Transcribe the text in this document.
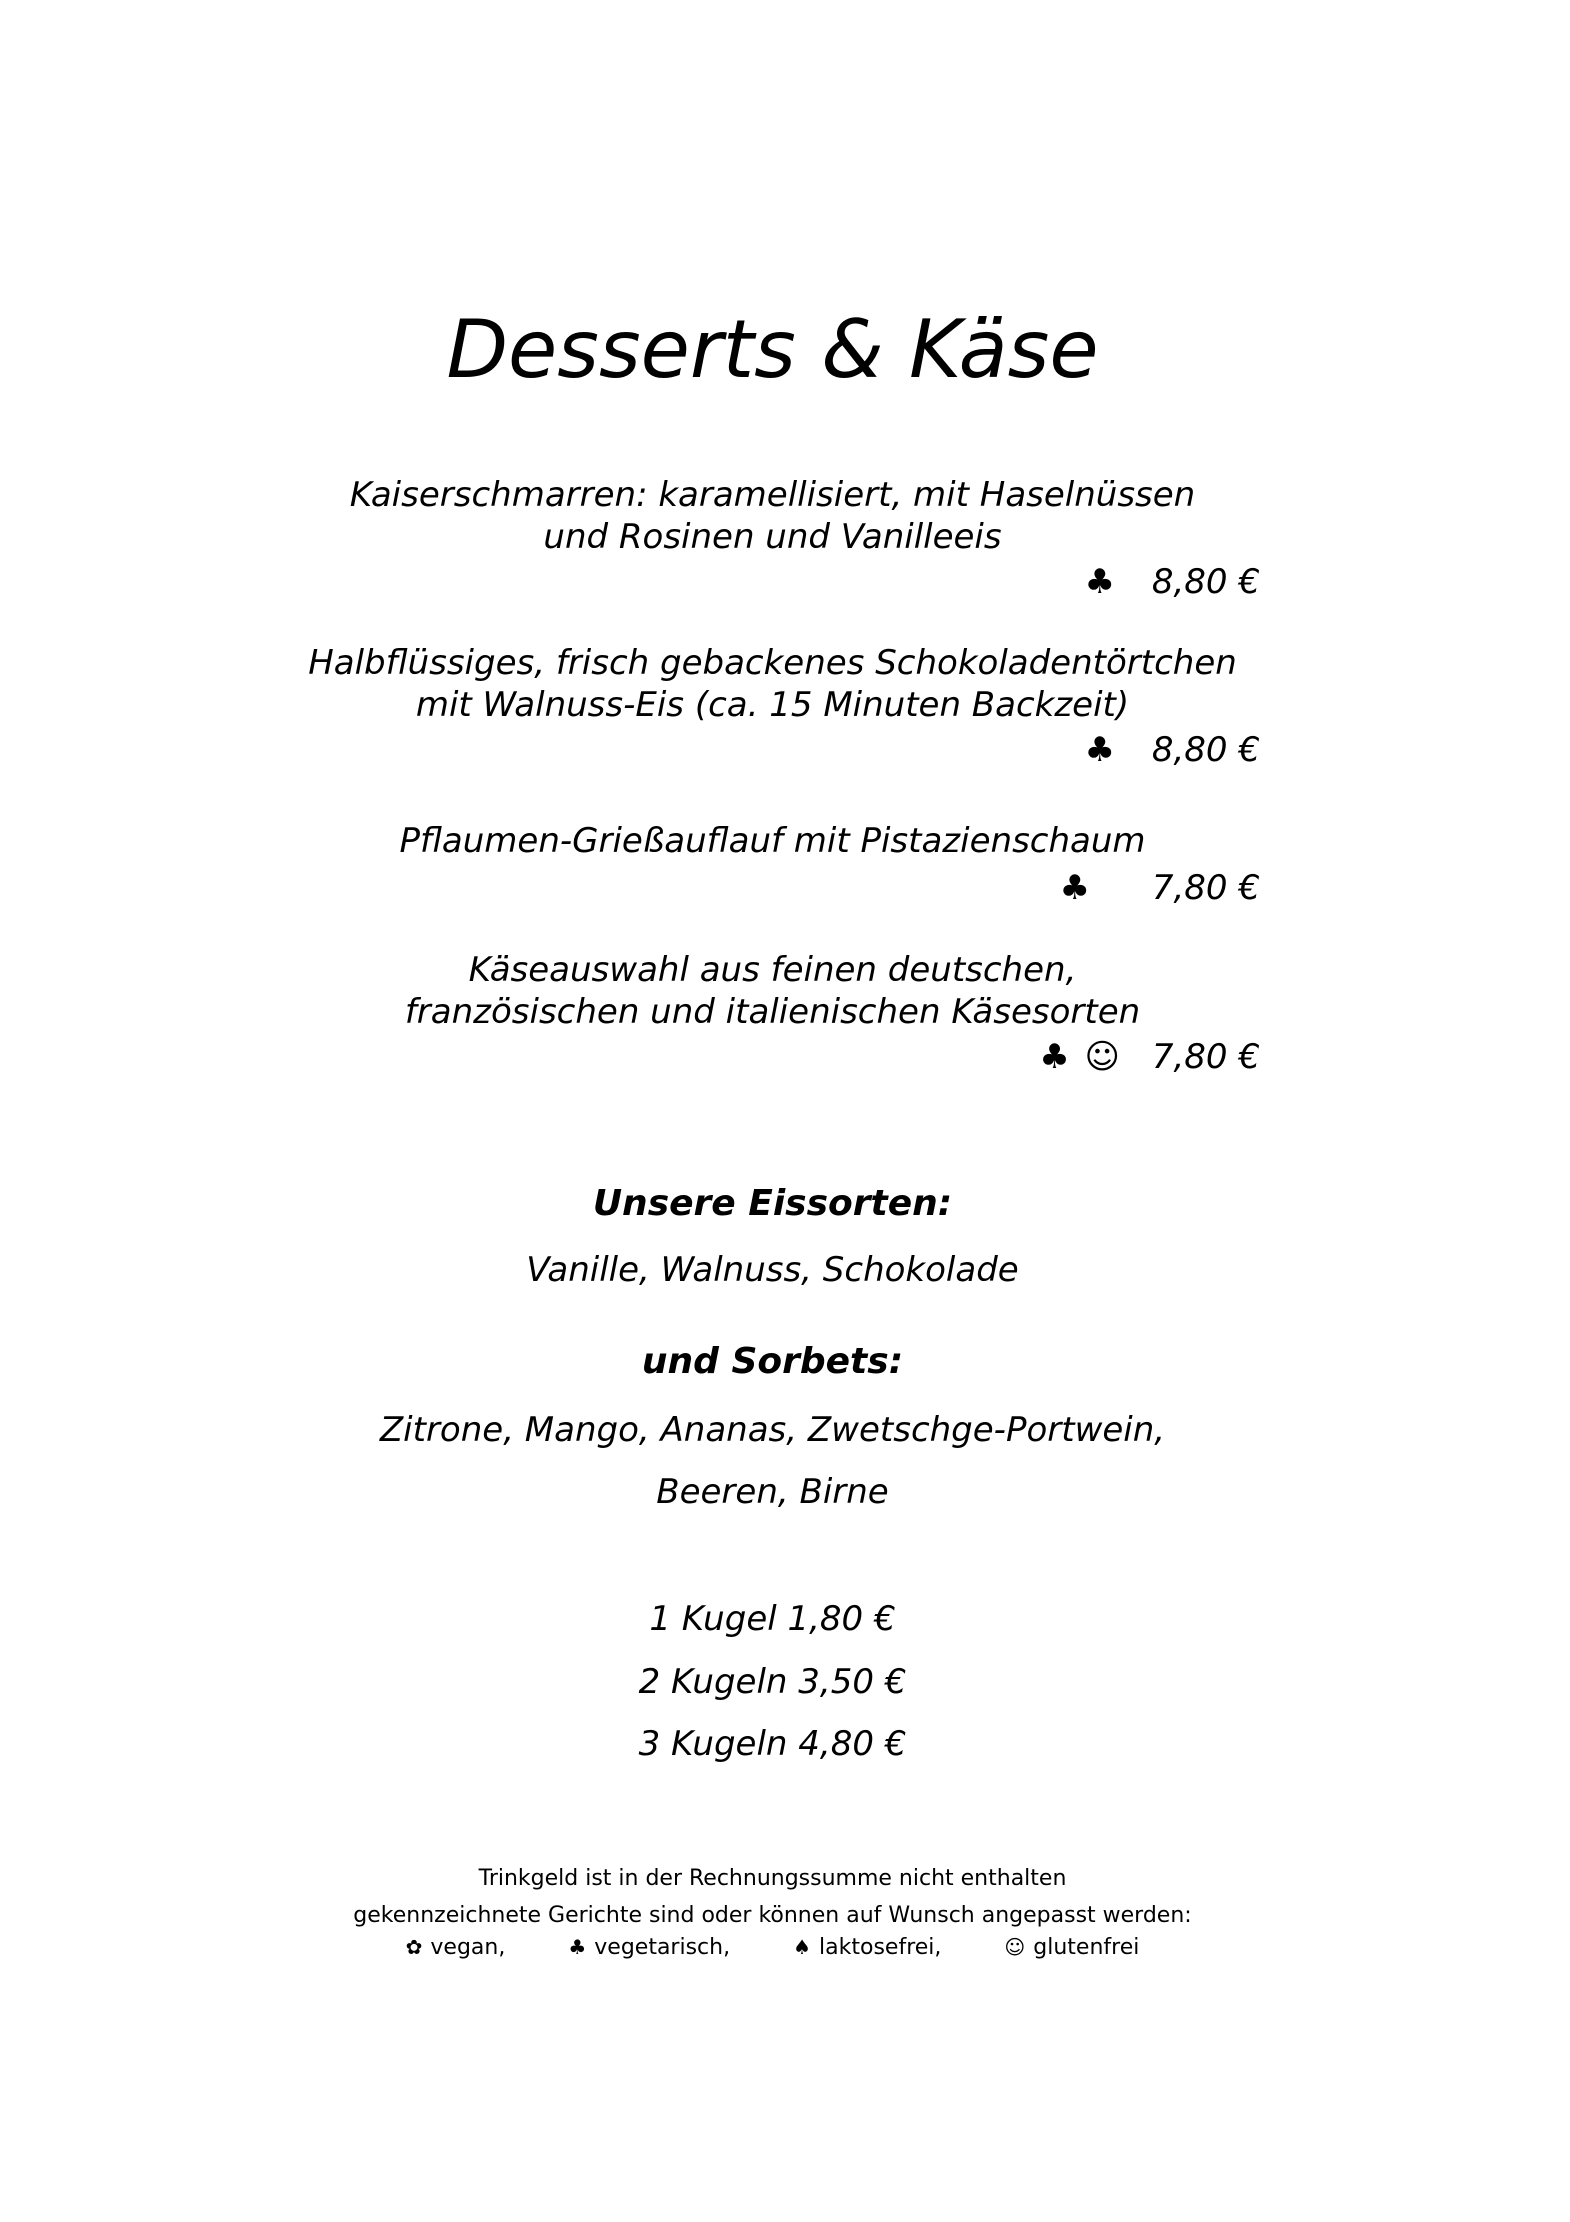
Desserts & Käse
Kaiserschmarren: karamellisiert, mit Haselnüssen
und Rosinen und Vanilleeis
♣ 8,80 €
Halbflüssiges, frisch gebackenes Schokoladentörtchen
mit Walnuss-Eis (ca. 15 Minuten Backzeit)
♣ 8,80 €
Pflaumen-Grießauflauf mit Pistazienschaum
♣ 7,80 €
Käseauswahl aus feinen deutschen,
französischen und italienischen Käsesorten
♣ ☺ 7,80 €
Unsere Eissorten:
Vanille, Walnuss, Schokolade
und Sorbets:
Zitrone, Mango, Ananas, Zwetschge-Portwein,
Beeren, Birne
1 Kugel 1,80 €
2 Kugeln 3,50 €
3 Kugeln 4,80 €
Trinkgeld ist in der Rechnungssumme nicht enthalten
gekennzeichnete Gerichte sind oder können auf Wunsch angepasst werden:
✿ vegan,	♣ vegetarisch,	♠ laktosefrei,	☺ glutenfrei
